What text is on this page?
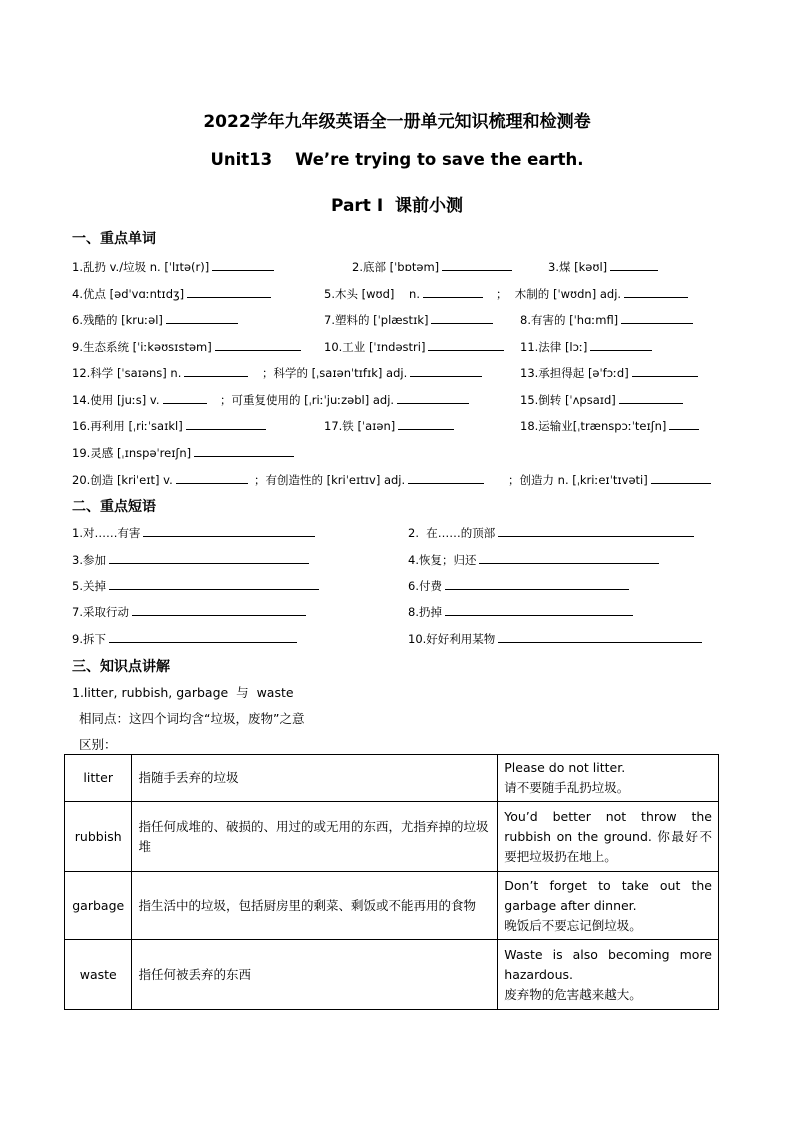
2022学年九年级英语全一册单元知识梳理和检测卷
Unit13    We’re trying to save the earth.
Part I  课前小测
一、重点单词
1.乱扔 v./垃圾 n. [ˈlɪtə(r)]	2.底部 [ˈbɒtəm]	3.煤 [kəʊl]
4.优点 [ədˈvɑːntɪdʒ]	5.木头 [wʊd]    n.	；  木制的 [ˈwʊdn] adj.
6.残酷的 [kruːəl]	7.塑料的 [ˈplæstɪk]	8.有害的 [ˈhɑːmfl]
9.生态系统 [ˈiːkəʊsɪstəm]	10.工业 [ˈɪndəstri]	11.法律 [lɔː]
12.科学 [ˈsaɪəns] n.	；科学的 [ˌsaɪənˈtɪfɪk] adj.	13.承担得起 [əˈfɔːd]
14.使用 [juːs] v.	；可重复使用的 [ˌriːˈjuːzəbl] adj.	15.倒转 [ˈʌpsaɪd]
16.再利用 [ˌriːˈsaɪkl]	17.铁 [ˈaɪən]	18.运输业[ˌtrænspɔːˈteɪʃn]
19.灵感 [ˌɪnspəˈreɪʃn]
20.创造 [kriˈeɪt] v.	；有创造性的 [kriˈeɪtɪv] adj.	；创造力 n. [ˌkriːeɪˈtɪvəti]
二、重点短语
1.对……有害	2.  在……的顶部
3.参加	4.恢复；归还
5.关掉	6.付费
7.采取行动	8.扔掉
9.拆下	10.好好利用某物
三、知识点讲解
1.litter, rubbish, garbage  与  waste
相同点：这四个词均含“垃圾，废物”之意
区别：
litter	指随手丢弃的垃圾	Please do not litter.
请不要随手乱扔垃圾。

rubbish	指任何成堆的、破损的、用过的或无用的东西，尤指弃掉的垃圾堆	You’d better not throw the rubbish on the ground. 你最好不要把垃圾扔在地上。
garbage	指生活中的垃圾，包括厨房里的剩菜、剩饭或不能再用的食物	Don’t forget to take out the garbage after dinner.
晚饭后不要忘记倒垃圾。

waste	指任何被丢弃的东西	Waste is also becoming more hazardous.
废弃物的危害越来越大。
